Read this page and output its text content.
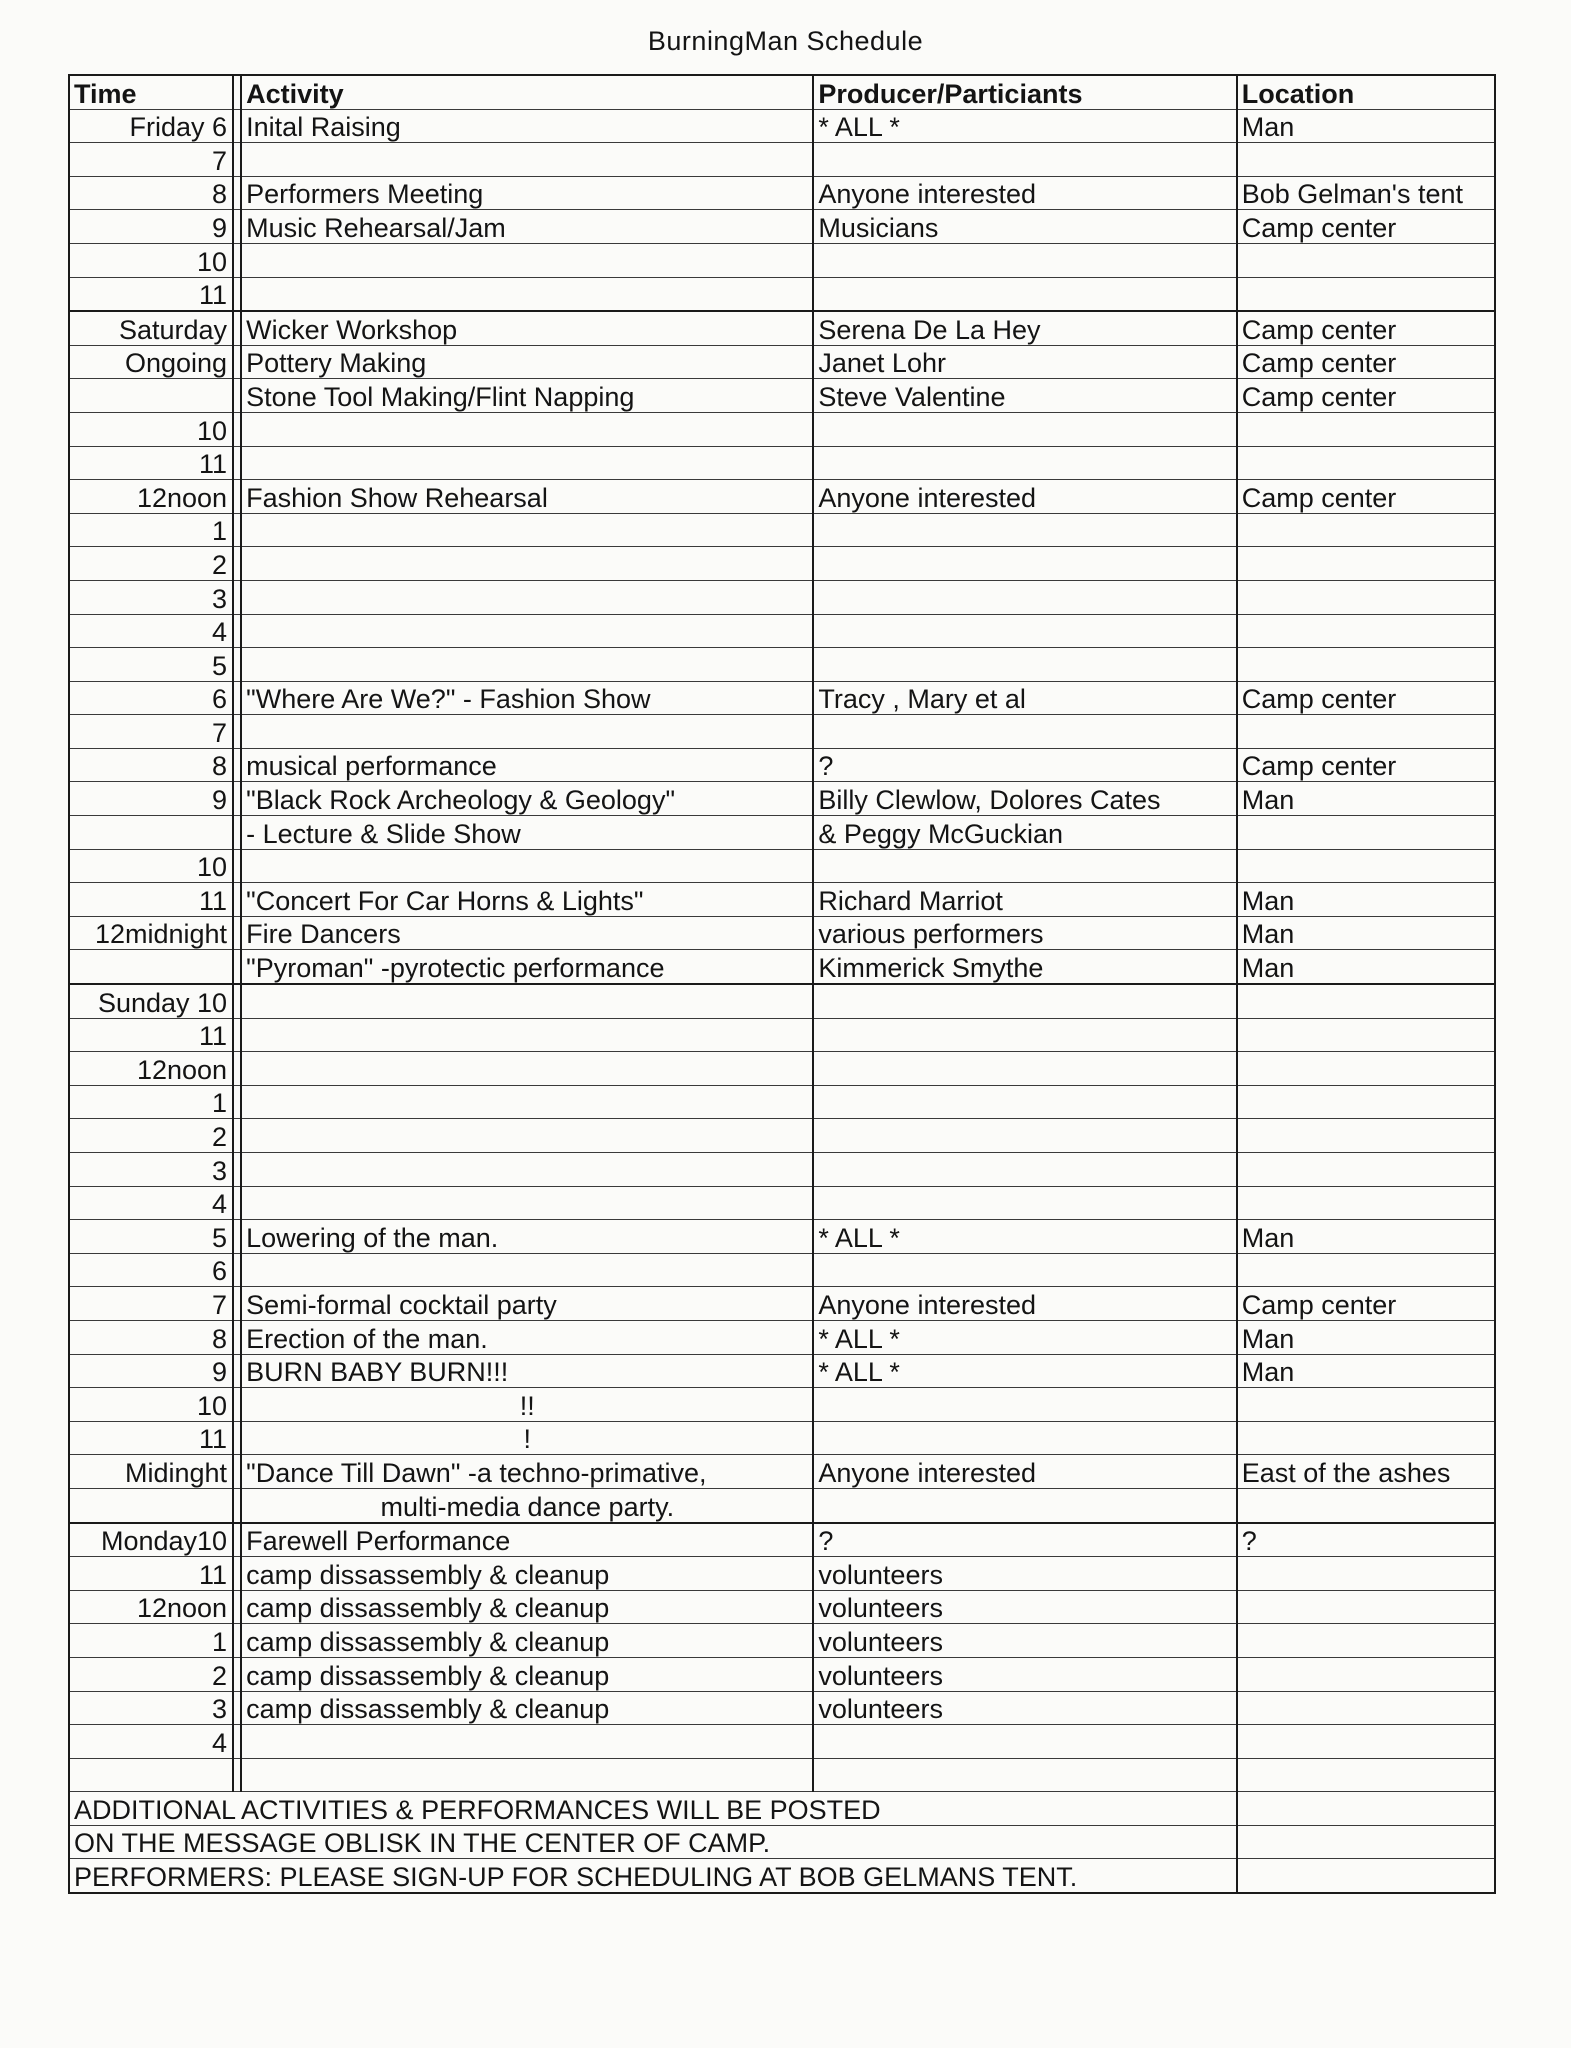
BurningMan Schedule
Time		Activity	Producer/Particiants	Location
Friday 6		Inital Raising	* ALL *	Man
7				
8		Performers Meeting	Anyone interested	Bob Gelman's tent
9		Music Rehearsal/Jam	Musicians	Camp center
10				
11				
Saturday		Wicker Workshop	Serena De La Hey	Camp center
Ongoing		Pottery Making	Janet Lohr	Camp center
		Stone Tool Making/Flint Napping	Steve Valentine	Camp center
10				
11				
12noon		Fashion Show Rehearsal	Anyone interested	Camp center
1				
2				
3				
4				
5				
6		"Where Are We?" - Fashion Show	Tracy , Mary et al	Camp center
7				
8		musical performance	?	Camp center
9		"Black Rock Archeology & Geology"	Billy Clewlow, Dolores Cates	Man
		- Lecture & Slide Show	& Peggy McGuckian	
10				
11		"Concert For Car Horns & Lights"	Richard Marriot	Man
12midnight		Fire Dancers	various performers	Man
		"Pyroman" -pyrotectic performance	Kimmerick Smythe	Man
Sunday 10				
11				
12noon				
1				
2				
3				
4				
5		Lowering of the man.	* ALL *	Man
6				
7		Semi-formal cocktail party	Anyone interested	Camp center
8		Erection of the man.	* ALL *	Man
9		BURN BABY BURN!!!	* ALL *	Man
10		!!		
11		!		
Midinght		"Dance Till Dawn" -a techno-primative,	Anyone interested	East of the ashes
		multi-media dance party.		
Monday10		Farewell Performance	?	?
11		camp dissassembly & cleanup	volunteers	
12noon		camp dissassembly & cleanup	volunteers	
1		camp dissassembly & cleanup	volunteers	
2		camp dissassembly & cleanup	volunteers	
3		camp dissassembly & cleanup	volunteers	
4				

ADDITIONAL ACTIVITIES & PERFORMANCES WILL BE POSTED				
ON THE MESSAGE OBLISK IN THE CENTER OF CAMP.				
PERFORMERS: PLEASE SIGN-UP FOR SCHEDULING AT BOB GELMANS TENT.				
